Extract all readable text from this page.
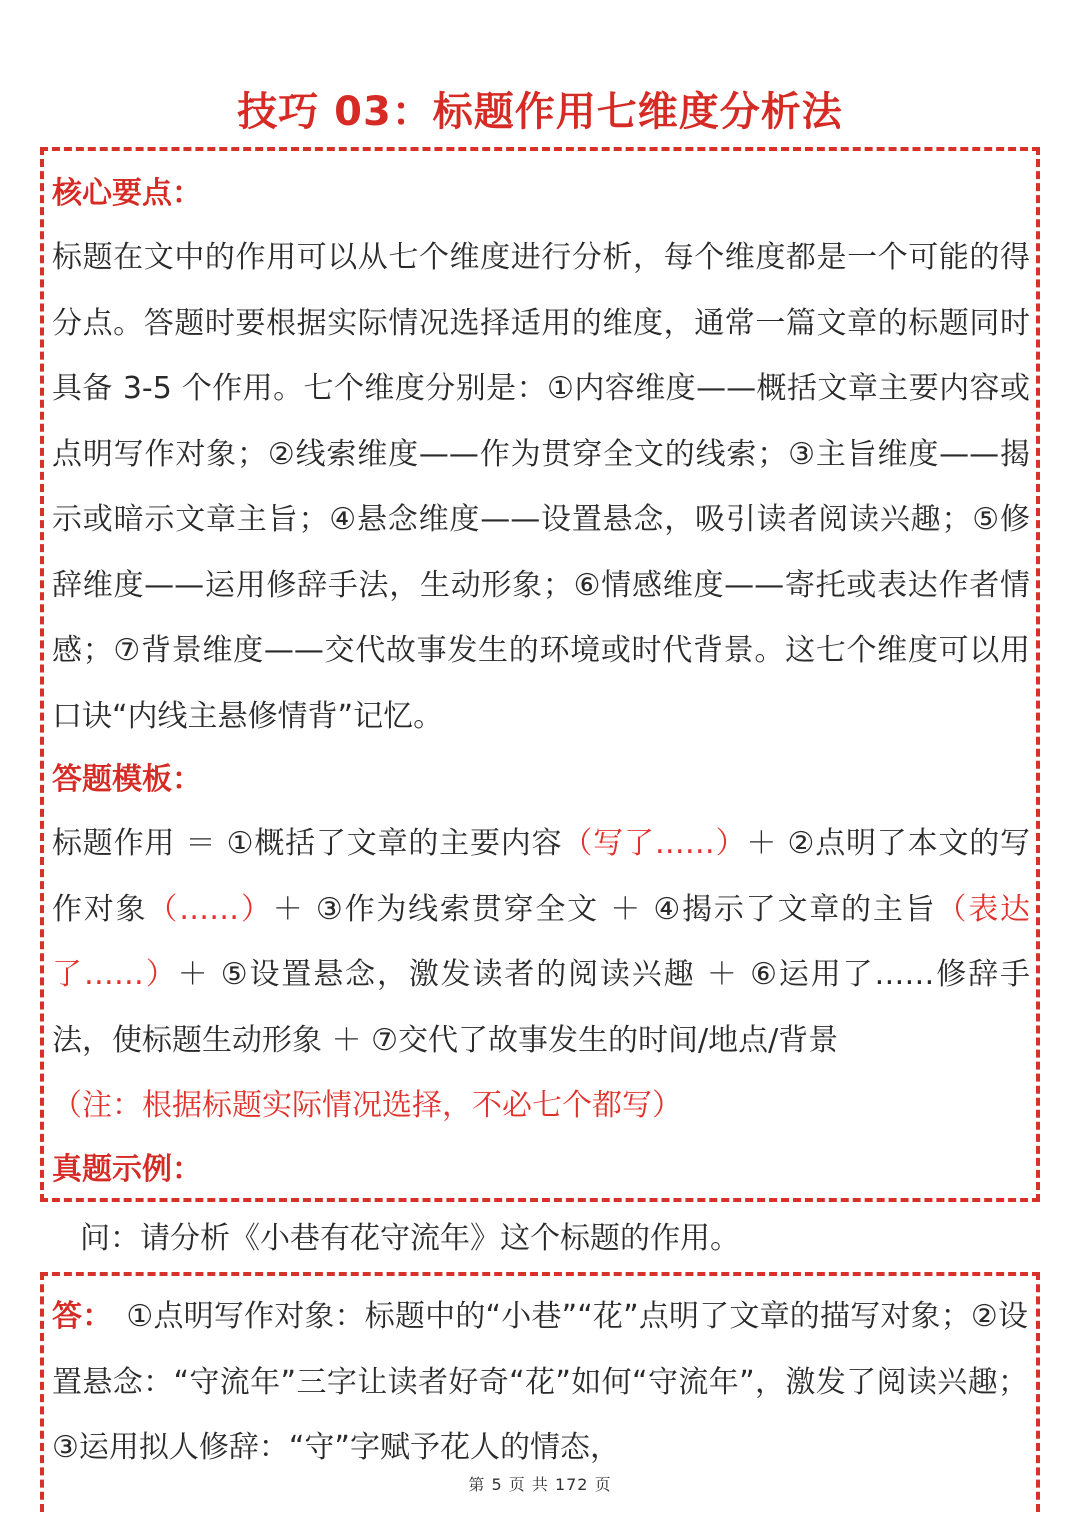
技巧 03：标题作用七维度分析法
核心要点：

标题在文中的作用可以从七个维度进行分析，每个维度都是一个可能的得分点。答题时要根据实际情况选择适用的维度，通常一篇文章的标题同时具备 3-5 个作用。七个维度分别是：①内容维度——概括文章主要内容或点明写作对象；②线索维度——作为贯穿全文的线索；③主旨维度——揭示或暗示文章主旨；④悬念维度——设置悬念，吸引读者阅读兴趣；⑤修辞维度——运用修辞手法，生动形象；⑥情感维度——寄托或表达作者情感；⑦背景维度——交代故事发生的环境或时代背景。这七个维度可以用口诀“内线主悬修情背”记忆。

答题模板：

标题作用 ＝ ①概括了文章的主要内容（写了……）＋ ②点明了本文的写作对象（……）＋ ③作为线索贯穿全文 ＋ ④揭示了文章的主旨（表达了……）＋ ⑤设置悬念，激发读者的阅读兴趣 ＋ ⑥运用了……修辞手法，使标题生动形象 ＋ ⑦交代了故事发生的时间/地点/背景

（注：根据标题实际情况选择，不必七个都写）
真题示例：
问：请分析《小巷有花守流年》这个标题的作用。
答： ①点明写作对象：标题中的“小巷”“花”点明了文章的描写对象；②设置悬念：“守流年”三字让读者好奇“花”如何“守流年”，激发了阅读兴趣；③运用拟人修辞：“守”字赋予花人的情态，
第 5 页 共 172 页
